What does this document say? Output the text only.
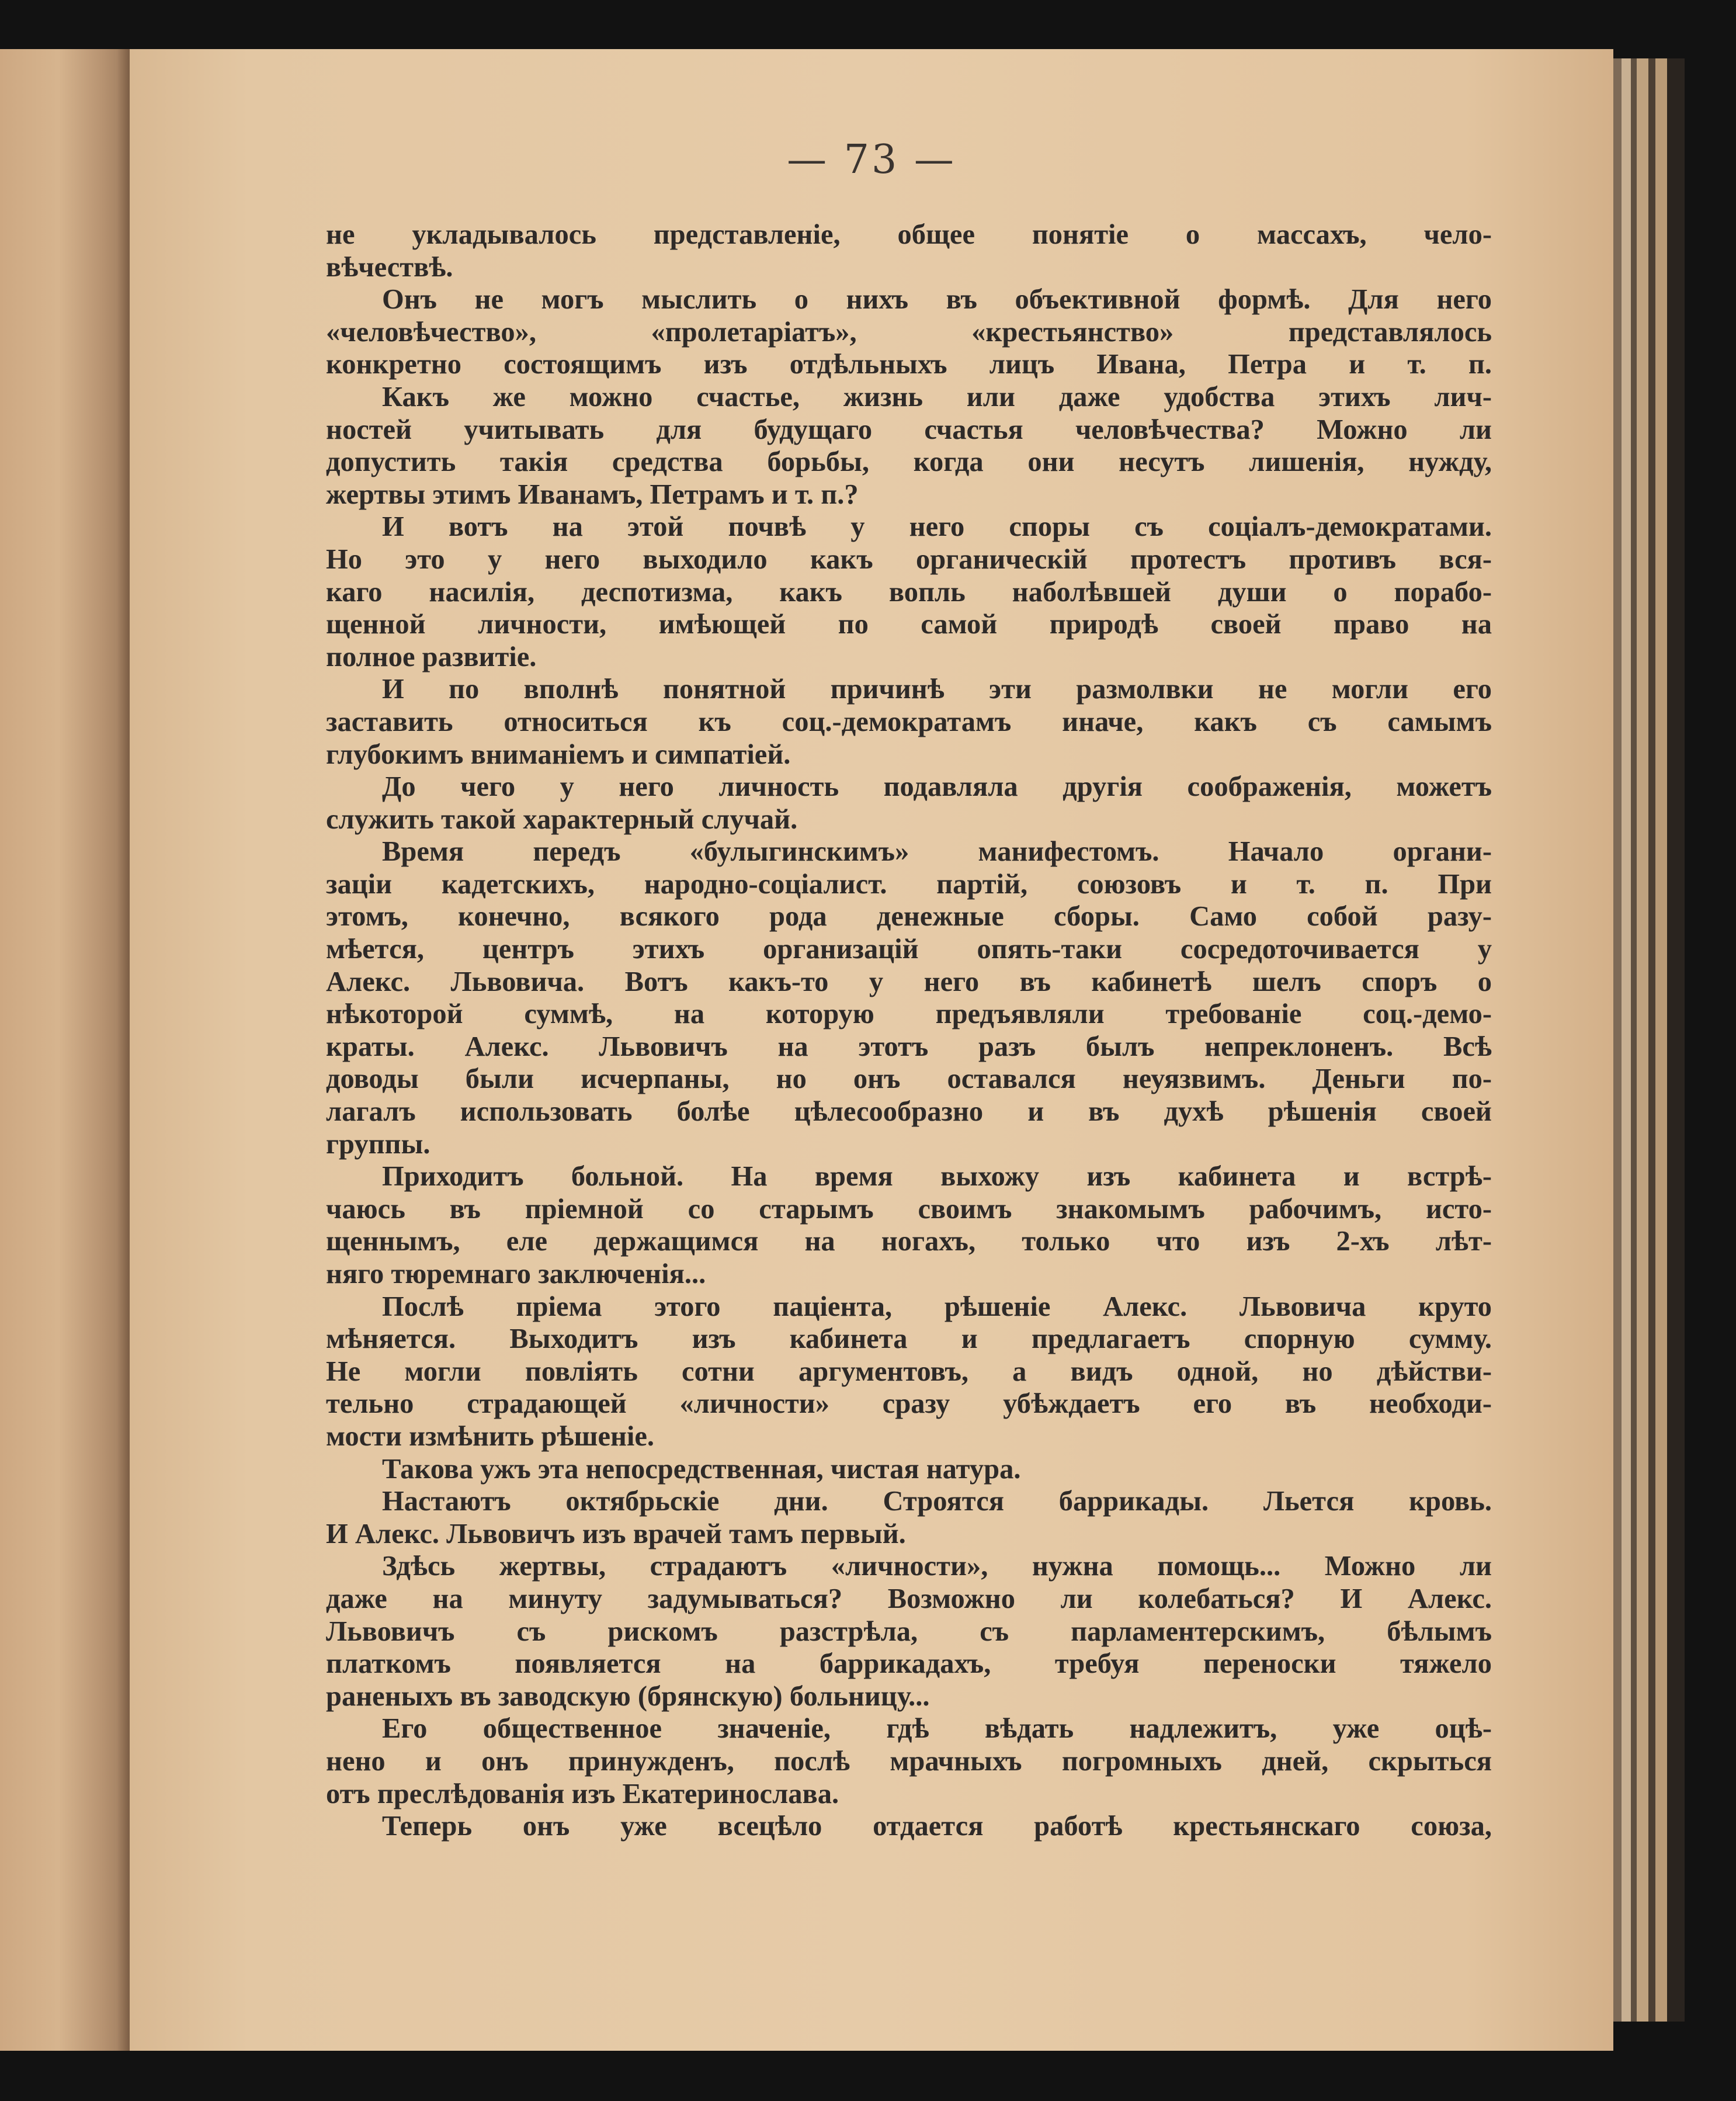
— 73 —
не укладывалось представленіе, общее понятіе о массахъ, чело-
вѣчествѣ.
Онъ не могъ мыслить о нихъ въ объективной формѣ. Для него
«человѣчество», «пролетаріатъ», «крестьянство» представлялось
конкретно состоящимъ изъ отдѣльныхъ лицъ Ивана, Петра и т. п.
Какъ же можно счастье, жизнь или даже удобства этихъ лич-
ностей учитывать для будущаго счастья человѣчества? Можно ли
допустить такія средства борьбы, когда они несутъ лишенія, нужду,
жертвы этимъ Иванамъ, Петрамъ и т. п.?
И вотъ на этой почвѣ у него споры съ соціалъ-демократами.
Но это у него выходило какъ органическій протестъ противъ вся-
каго насилія, деспотизма, какъ вопль наболѣвшей души о порабо-
щенной личности, имѣющей по самой природѣ своей право на
полное развитіе.
И по вполнѣ понятной причинѣ эти размолвки не могли его
заставить относиться къ соц.-демократамъ иначе, какъ съ самымъ
глубокимъ вниманіемъ и симпатіей.
До чего у него личность подавляла другія соображенія, можетъ
служить такой характерный случай.
Время передъ «булыгинскимъ» манифестомъ. Начало органи-
заціи кадетскихъ, народно-соціалист. партій, союзовъ и т. п. При
этомъ, конечно, всякого рода денежные сборы. Само собой разу-
мѣется, центръ этихъ организацій опять-таки сосредоточивается у
Алекс. Львовича. Вотъ какъ-то у него въ кабинетѣ шелъ споръ о
нѣкоторой суммѣ, на которую предъявляли требованіе соц.-демо-
краты. Алекс. Львовичъ на этотъ разъ былъ непреклоненъ. Всѣ
доводы были исчерпаны, но онъ оставался неуязвимъ. Деньги по-
лагалъ использовать болѣе цѣлесообразно и въ духѣ рѣшенія своей
группы.
Приходитъ больной. На время выхожу изъ кабинета и встрѣ-
чаюсь въ пріемной со старымъ своимъ знакомымъ рабочимъ, исто-
щеннымъ, еле держащимся на ногахъ, только что изъ 2-хъ лѣт-
няго тюремнаго заключенія...
Послѣ пріема этого паціента, рѣшеніе Алекс. Львовича круто
мѣняется. Выходитъ изъ кабинета и предлагаетъ спорную сумму.
Не могли повліять сотни аргументовъ, а видъ одной, но дѣйстви-
тельно страдающей «личности» сразу убѣждаетъ его въ необходи-
мости измѣнить рѣшеніе.
Такова ужъ эта непосредственная, чистая натура.
Настаютъ октябрьскіе дни. Строятся баррикады. Льется кровь.
И Алекс. Львовичъ изъ врачей тамъ первый.
Здѣсь жертвы, страдаютъ «личности», нужна помощь... Можно ли
даже на минуту задумываться? Возможно ли колебаться? И Алекс.
Львовичъ съ рискомъ разстрѣла, съ парламентерскимъ, бѣлымъ
платкомъ появляется на баррикадахъ, требуя переноски тяжело
раненыхъ въ заводскую (брянскую) больницу...
Его общественное значеніе, гдѣ вѣдать надлежитъ, уже оцѣ-
нено и онъ принужденъ, послѣ мрачныхъ погромныхъ дней, скрыться
отъ преслѣдованія изъ Екатеринослава.
Теперь онъ уже всецѣло отдается работѣ крестьянскаго союза,
